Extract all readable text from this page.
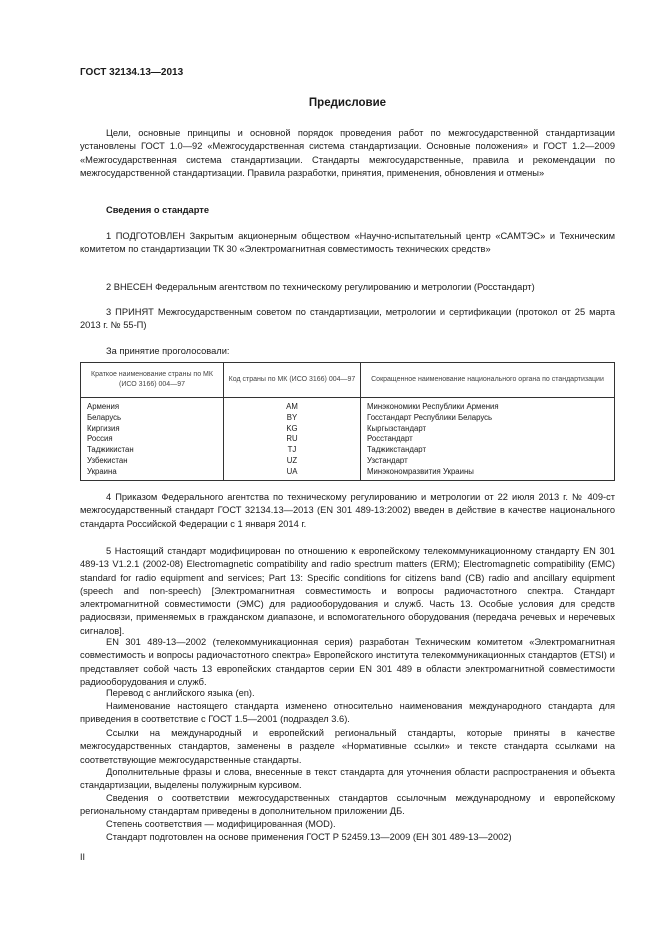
ГОСТ 32134.13—2013
Предисловие

Цели, основные принципы и основной порядок проведения работ по межгосударственной стандартизации установлены ГОСТ 1.0—92 «Межгосударственная система стандартизации. Основные положения» и ГОСТ 1.2—2009 «Межгосударственная система стандартизации. Стандарты межгосударственные, правила и рекомендации по межгосударственной стандартизации. Правила разработки, принятия, применения, обновления и отмены»

Сведения о стандарте

1 ПОДГОТОВЛЕН Закрытым акционерным обществом «Научно-испытательный центр «САМТЭС» и Техническим комитетом по стандартизации ТК 30 «Электромагнитная совместимость технических средств»

2 ВНЕСЕН Федеральным агентством по техническому регулированию и метрологии (Росстандарт)

3 ПРИНЯТ Межгосударственным советом по стандартизации, метрологии и сертификации (протокол от 25 марта 2013 г. № 55-П)

За принятие проголосовали:

Краткое наименование страны по МК (ИСО 3166) 004—97	Код страны по МК (ИСО 3166) 004—97	Сокращенное наименование национального органа по стандартизации
Армения	AM	Минэкономики Республики Армения
Беларусь	BY	Госстандарт Республики Беларусь
Киргизия	KG	Кыргызстандарт
Россия	RU	Росстандарт
Таджикистан	TJ	Таджикстандарт
Узбекистан	UZ	Узстандарт
Украина	UA	Минэкономразвития Украины

4 Приказом Федерального агентства по техническому регулированию и метрологии от 22 июля 2013 г. № 409-ст межгосударственный стандарт ГОСТ 32134.13—2013 (EN 301 489-13:2002) введен в действие в качестве национального стандарта Российской Федерации с 1 января 2014 г.

5 Настоящий стандарт модифицирован по отношению к европейскому телекоммуникационному стандарту EN 301 489-13 V1.2.1 (2002-08) Electromagnetic compatibility and radio spectrum matters (ERM); Electromagnetic compatibility (EMC) standard for radio equipment and services; Part 13: Specific conditions for citizens band (CB) radio and ancillary equipment (speech and non-speech) [Электромагнитная совместимость и вопросы радиочастотного спектра. Стандарт электромагнитной совместимости (ЭМС) для радиооборудования и служб. Часть 13. Особые условия для средств радиосвязи, применяемых в гражданском диапазоне, и вспомогательного оборудования (передача речевых и неречевых сигналов].

EN 301 489-13—2002 (телекоммуникационная серия) разработан Техническим комитетом «Электромагнитная совместимость и вопросы радиочастотного спектра» Европейского института телекоммуникационных стандартов (ETSI) и представляет собой часть 13 европейских стандартов серии EN 301 489 в области электромагнитной совместимости радиооборудования и служб.

Перевод с английского языка (en).

Наименование настоящего стандарта изменено относительно наименования международного стандарта для приведения в соответствие с ГОСТ 1.5—2001 (подраздел 3.6).

Ссылки на международный и европейский региональный стандарты, которые приняты в качестве межгосударственных стандартов, заменены в разделе «Нормативные ссылки» и тексте стандарта ссылками на соответствующие межгосударственные стандарты.

Дополнительные фразы и слова, внесенные в текст стандарта для уточнения области распространения и объекта стандартизации, выделены полужирным курсивом.

Сведения о соответствии межгосударственных стандартов ссылочным международному и европейскому региональному стандартам приведены в дополнительном приложении ДБ.

Степень соответствия — модифицированная (MOD).

Стандарт подготовлен на основе применения ГОСТ Р 52459.13—2009 (ЕН 301 489-13—2002)

II
